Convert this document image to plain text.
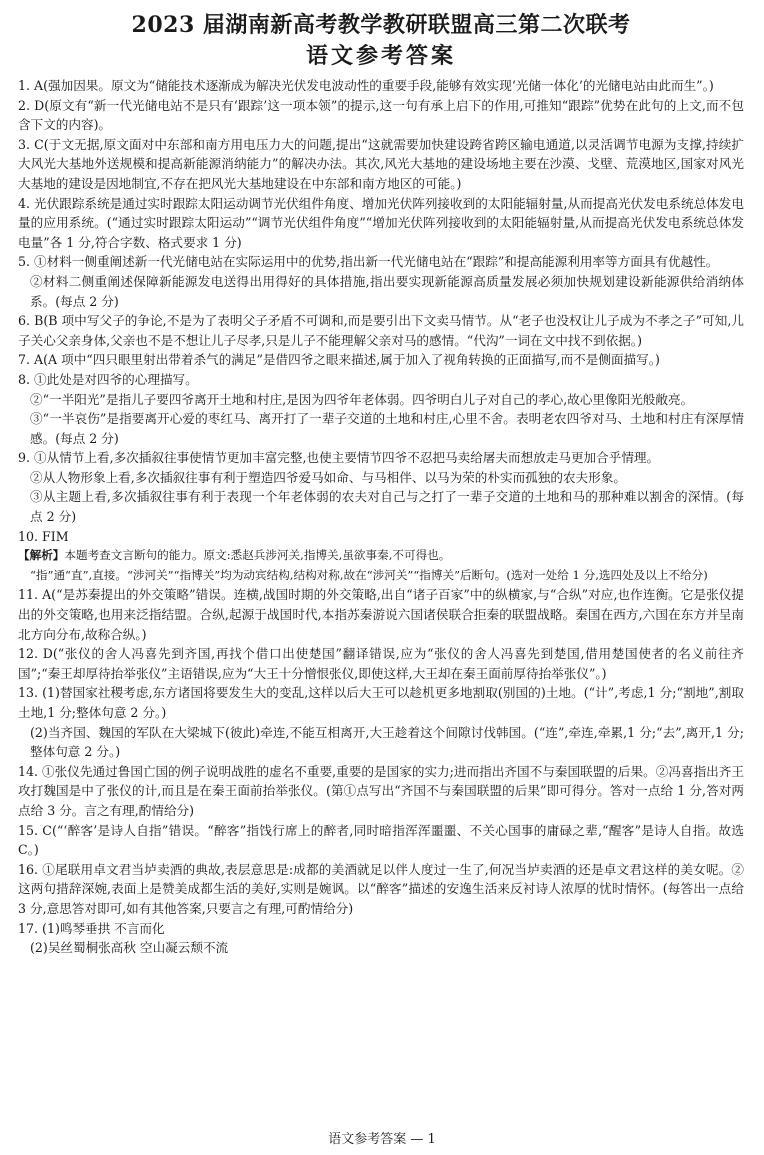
2023 届湖南新高考教学教研联盟高三第二次联考
语文参考答案

1. A(强加因果。原文为“储能技术逐渐成为解决光伏发电波动性的重要手段,能够有效实现‘光储一体化’的光储电站由此而生”。)

2. D(原文有“新一代光储电站不是只有‘跟踪’这一项本领”的提示,这一句有承上启下的作用,可推知“跟踪”优势在此句的上文,而不包含下文的内容)。

3. C(于文无据,原文面对中东部和南方用电压力大的问题,提出“这就需要加快建设跨省跨区输电通道,以灵活调节电源为支撑,持续扩大风光大基地外送规模和提高新能源消纳能力”的解决办法。其次,风光大基地的建设场地主要在沙漠、戈壁、荒漠地区,国家对风光大基地的建设是因地制宜,不存在把风光大基地建设在中东部和南方地区的可能。)

4. 光伏跟踪系统是通过实时跟踪太阳运动调节光伏组件角度、增加光伏阵列接收到的太阳能辐射量,从而提高光伏发电系统总体发电量的应用系统。(“通过实时跟踪太阳运动”“调节光伏组件角度”“增加光伏阵列接收到的太阳能辐射量,从而提高光伏发电系统总体发电量”各 1 分,符合字数、格式要求 1 分)

5. ①材料一侧重阐述新一代光储电站在实际运用中的优势,指出新一代光储电站在“跟踪”和提高能源利用率等方面具有优越性。

②材料二侧重阐述保障新能源发电送得出用得好的具体措施,指出要实现新能源高质量发展必须加快规划建设新能源供给消纳体系。(每点 2 分)

6. B(B 项中写父子的争论,不是为了表明父子矛盾不可调和,而是要引出下文卖马情节。从“老子也没权让儿子成为不孝之子”可知,儿子关心父亲身体,父亲也不是不想让儿子尽孝,只是儿子不能理解父亲对马的感情。“代沟”一词在文中找不到依据。)

7. A(A 项中“四只眼里射出带着杀气的满足”是借四爷之眼来描述,属于加入了视角转换的正面描写,而不是侧面描写。)

8. ①此处是对四爷的心理描写。

②“一半阳光”是指儿子要四爷离开土地和村庄,是因为四爷年老体弱。四爷明白儿子对自己的孝心,故心里像阳光般敞亮。

③“一半哀伤”是指要离开心爱的枣红马、离开打了一辈子交道的土地和村庄,心里不舍。表明老农四爷对马、土地和村庄有深厚情感。(每点 2 分)

9. ①从情节上看,多次插叙往事使情节更加丰富完整,也使主要情节四爷不忍把马卖给屠夫而想放走马更加合乎情理。

②从人物形象上看,多次插叙往事有利于塑造四爷爱马如命、与马相伴、以马为荣的朴实而孤独的农夫形象。

③从主题上看,多次插叙往事有利于表现一个年老体弱的农夫对自己与之打了一辈子交道的土地和马的那种难以割舍的深情。(每点 2 分)

10. FIM

【解析】本题考查文言断句的能力。原文:悉赵兵涉河关,指博关,虽欲事秦,不可得也。

“指”通“直”,直接。“涉河关”“指博关”均为动宾结构,结构对称,故在“涉河关”“指博关”后断句。(选对一处给 1 分,选四处及以上不给分)

11. A(“是苏秦提出的外交策略”错误。连横,战国时期的外交策略,出自“诸子百家”中的纵横家,与“合纵”对应,也作连衡。它是张仪提出的外交策略,也用来泛指结盟。合纵,起源于战国时代,本指苏秦游说六国诸侯联合拒秦的联盟战略。秦国在西方,六国在东方并呈南北方向分布,故称合纵。)

12. D(“张仪的舍人冯喜先到齐国,再找个借口出使楚国”翻译错误,应为“张仪的舍人冯喜先到楚国,借用楚国使者的名义前往齐国”;“秦王却厚待抬举张仪”主语错误,应为“大王十分憎恨张仪,即使这样,大王却在秦王面前厚待抬举张仪”。)

13. (1)替国家社稷考虑,东方诸国将要发生大的变乱,这样以后大王可以趁机更多地割取(别国的)土地。(“计”,考虑,1 分;“割地”,割取土地,1 分;整体句意 2 分。)

(2)当齐国、魏国的军队在大梁城下(彼此)牵连,不能互相离开,大王趁着这个间隙讨伐韩国。(“连”,牵连,牵累,1 分;“去”,离开,1 分;整体句意 2 分。)

14. ①张仪先通过鲁国亡国的例子说明战胜的虚名不重要,重要的是国家的实力;进而指出齐国不与秦国联盟的后果。②冯喜指出齐王攻打魏国是中了张仪的计,而且是在秦王面前抬举张仪。(第①点写出“齐国不与秦国联盟的后果”即可得分。答对一点给 1 分,答对两点给 3 分。言之有理,酌情给分)

15. C(“‘醉客’是诗人自指”错误。“醉客”指饯行席上的醉者,同时暗指浑浑噩噩、不关心国事的庸碌之辈,“醒客”是诗人自指。故选 C。)

16. ①尾联用卓文君当垆卖酒的典故,表层意思是:成都的美酒就足以伴人度过一生了,何况当垆卖酒的还是卓文君这样的美女呢。②这两句措辞深婉,表面上是赞美成都生活的美好,实则是婉讽。以“醉客”描述的安逸生活来反衬诗人浓厚的忧时情怀。(每答出一点给 3 分,意思答对即可,如有其他答案,只要言之有理,可酌情给分)

17. (1)鸣琴垂拱 不言而化

(2)吴丝蜀桐张高秋 空山凝云颓不流

语文参考答案 — 1
